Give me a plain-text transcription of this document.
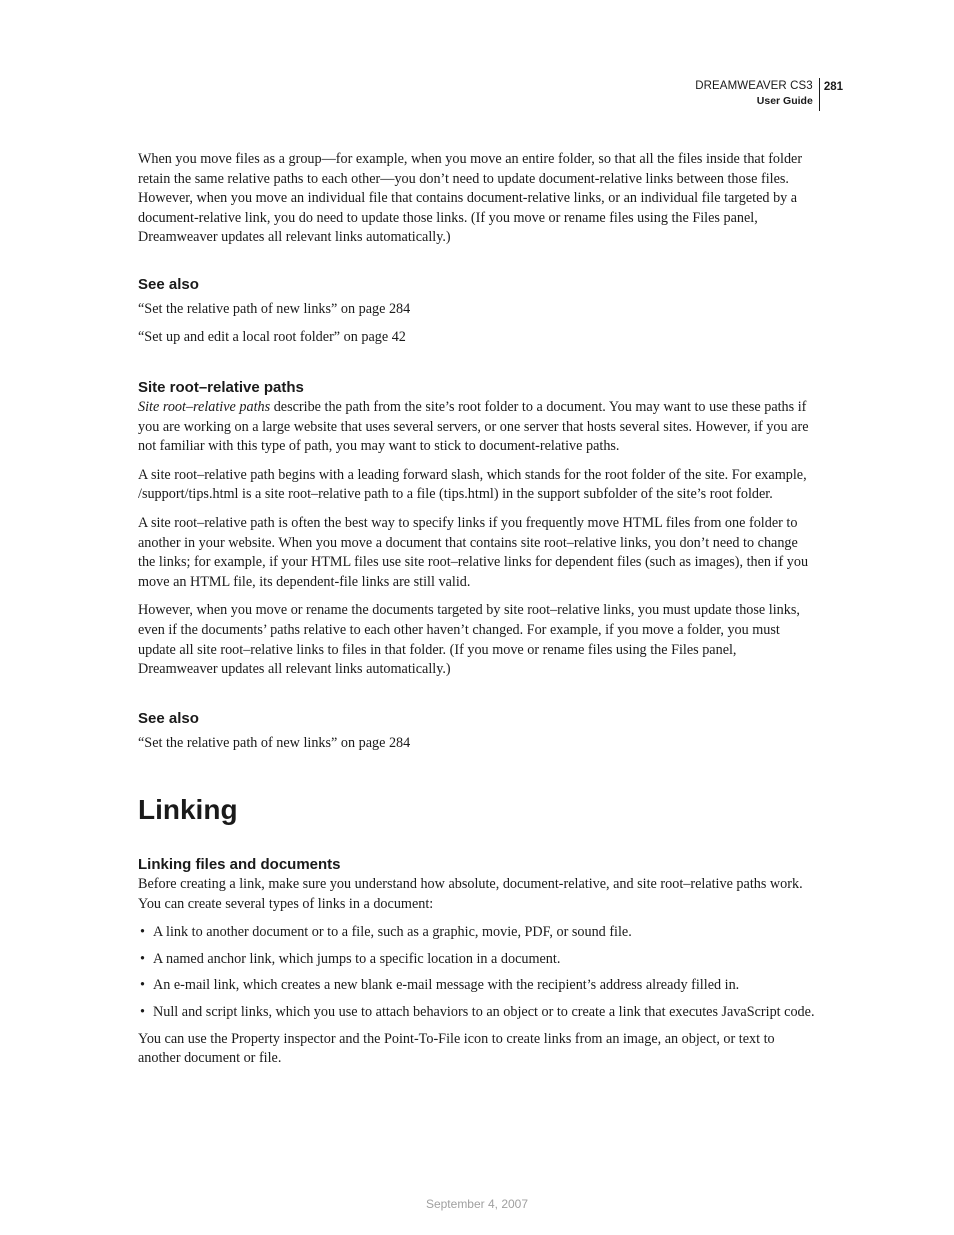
DREAMWEAVER CS3
User Guide
281

When you move files as a group—for example, when you move an entire folder, so that all the files inside that folder retain the same relative paths to each other—you don’t need to update document-relative links between those files. However, when you move an individual file that contains document-relative links, or an individual file targeted by a document-relative link, you do need to update those links. (If you move or rename files using the Files panel, Dreamweaver updates all relevant links automatically.)

See also

“Set the relative path of new links” on page 284

“Set up and edit a local root folder” on page 42

Site root–relative paths

Site root–relative paths describe the path from the site’s root folder to a document. You may want to use these paths if you are working on a large website that uses several servers, or one server that hosts several sites. However, if you are not familiar with this type of path, you may want to stick to document-relative paths.

A site root–relative path begins with a leading forward slash, which stands for the root folder of the site. For example, /support/tips.html is a site root–relative path to a file (tips.html) in the support subfolder of the site’s root folder.

A site root–relative path is often the best way to specify links if you frequently move HTML files from one folder to another in your website. When you move a document that contains site root–relative links, you don’t need to change the links; for example, if your HTML files use site root–relative links for dependent files (such as images), then if you move an HTML file, its dependent-file links are still valid.

However, when you move or rename the documents targeted by site root–relative links, you must update those links, even if the documents’ paths relative to each other haven’t changed. For example, if you move a folder, you must update all site root–relative links to files in that folder. (If you move or rename files using the Files panel, Dreamweaver updates all relevant links automatically.)

See also

“Set the relative path of new links” on page 284

Linking
Linking files and documents

Before creating a link, make sure you understand how absolute, document-relative, and site root–relative paths work. You can create several types of links in a document:

• A link to another document or to a file, such as a graphic, movie, PDF, or sound file.
• A named anchor link, which jumps to a specific location in a document.
• An e-mail link, which creates a new blank e-mail message with the recipient’s address already filled in.
• Null and script links, which you use to attach behaviors to an object or to create a link that executes JavaScript code.

You can use the Property inspector and the Point-To-File icon to create links from an image, an object, or text to another document or file.

September 4, 2007
